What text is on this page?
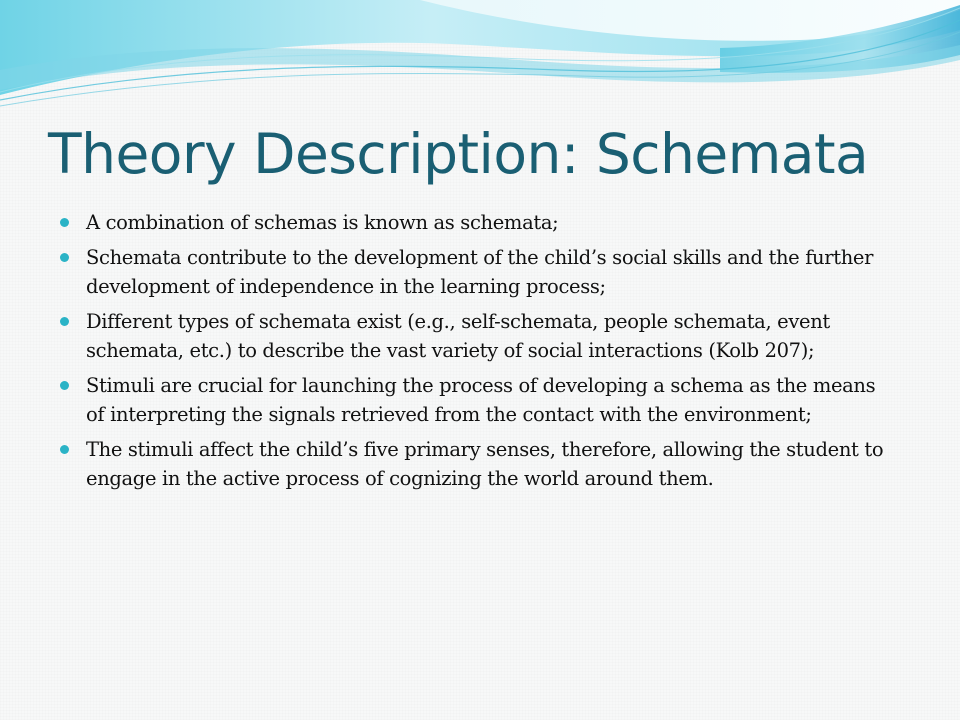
Theory Description: Schemata
A combination of schemas is known as schemata;
Schemata contribute to the development of the child’s social skills and the further development of independence in the learning process;
Different types of schemata exist (e.g., self-schemata, people schemata, event schemata, etc.) to describe the vast variety of social interactions (Kolb 207);
Stimuli are crucial for launching the process of developing a schema as the means of interpreting the signals retrieved from the contact with the environment;
The stimuli affect the child’s five primary senses, therefore, allowing the student to engage in the active process of cognizing the world around them.
